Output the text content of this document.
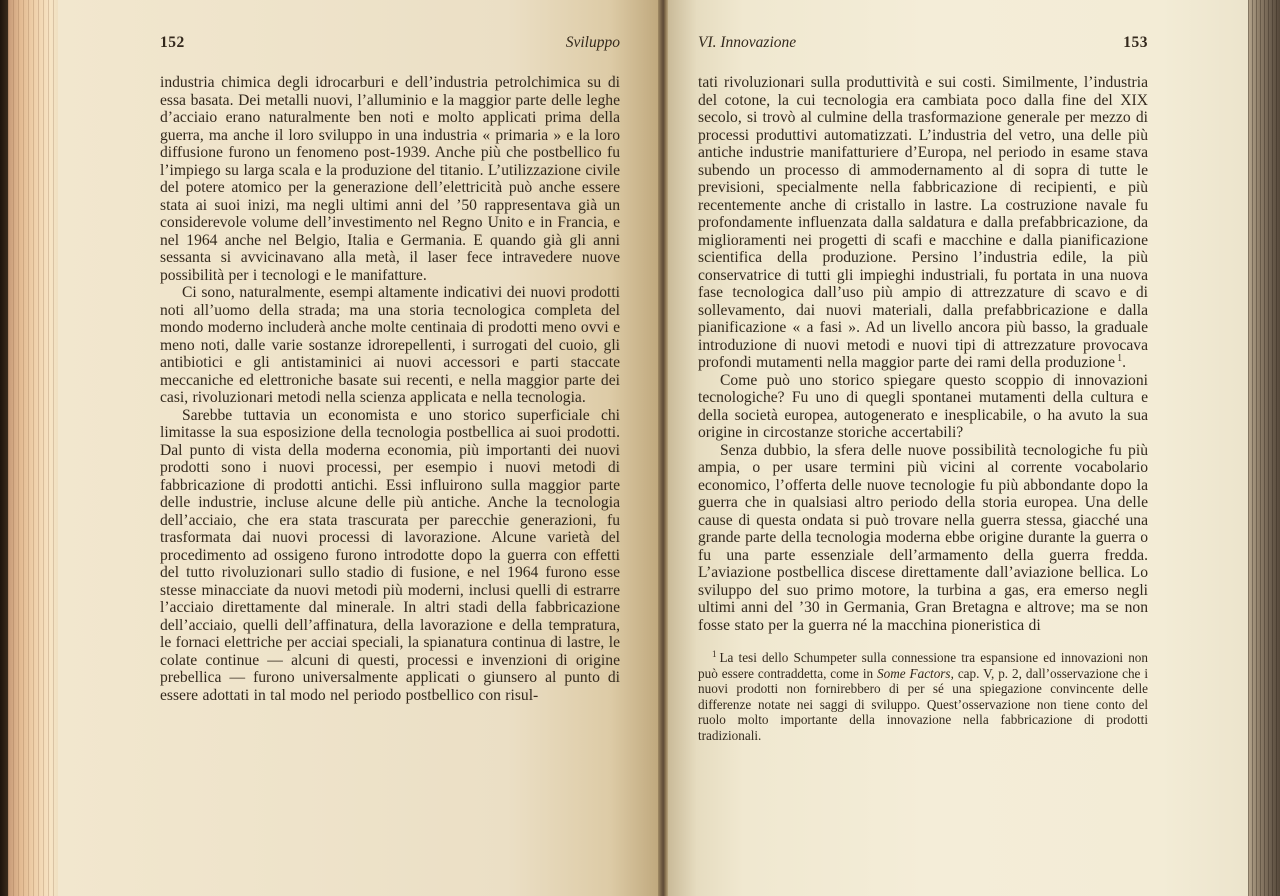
152	Sviluppo

industria chimica degli idrocarburi e dell’industria petrolchimica su di essa basata. Dei metalli nuovi, l’alluminio e la maggior parte delle leghe d’acciaio erano naturalmente ben noti e molto applicati prima della guerra, ma anche il loro sviluppo in una industria « primaria » e la loro diffusione furono un fenomeno post-1939. Anche più che postbellico fu l’impiego su larga scala e la produzione del titanio. L’utilizzazione civile del potere atomico per la generazione dell’elettricità può anche essere stata ai suoi inizi, ma negli ultimi anni del ’50 rappresentava già un considerevole volume dell’investimento nel Regno Unito e in Francia, e nel 1964 anche nel Belgio, Italia e Germania. E quando già gli anni sessanta si avvicinavano alla metà, il laser fece intravedere nuove possibilità per i tecnologi e le manifatture.

Ci sono, naturalmente, esempi altamente indicativi dei nuovi prodotti noti all’uomo della strada; ma una storia tecnologica completa del mondo moderno includerà anche molte centinaia di prodotti meno ovvi e meno noti, dalle varie sostanze idrorepellenti, i surrogati del cuoio, gli antibiotici e gli antistaminici ai nuovi accessori e parti staccate meccaniche ed elettroniche basate sui recenti, e nella maggior parte dei casi, rivoluzionari metodi nella scienza applicata e nella tecnologia.

Sarebbe tuttavia un economista e uno storico superficiale chi limitasse la sua esposizione della tecnologia postbellica ai suoi prodotti. Dal punto di vista della moderna economia, più importanti dei nuovi prodotti sono i nuovi processi, per esempio i nuovi metodi di fabbricazione di prodotti antichi. Essi influirono sulla maggior parte delle industrie, incluse alcune delle più antiche. Anche la tecnologia dell’acciaio, che era stata trascurata per parecchie generazioni, fu trasformata dai nuovi processi di lavorazione. Alcune varietà del procedimento ad ossigeno furono introdotte dopo la guerra con effetti del tutto rivoluzionari sullo stadio di fusione, e nel 1964 furono esse stesse minacciate da nuovi metodi più moderni, inclusi quelli di estrarre l’acciaio direttamente dal minerale. In altri stadi della fabbricazione dell’acciaio, quelli dell’affinatura, della lavorazione e della tempratura, le fornaci elettriche per acciai speciali, la spianatura continua di lastre, le colate continue — alcuni di questi, processi e invenzioni di origine prebellica — furono universalmente applicati o giunsero al punto di essere adottati in tal modo nel periodo postbellico con risul-

VI. Innovazione	153

tati rivoluzionari sulla produttività e sui costi. Similmente, l’industria del cotone, la cui tecnologia era cambiata poco dalla fine del XIX secolo, si trovò al culmine della trasformazione generale per mezzo di processi produttivi automatizzati. L’industria del vetro, una delle più antiche industrie manifatturiere d’Europa, nel periodo in esame stava subendo un processo di ammodernamento al di sopra di tutte le previsioni, specialmente nella fabbricazione di recipienti, e più recentemente anche di cristallo in lastre. La costruzione navale fu profondamente influenzata dalla saldatura e dalla prefabbricazione, da miglioramenti nei progetti di scafi e macchine e dalla pianificazione scientifica della produzione. Persino l’industria edile, la più conservatrice di tutti gli impieghi industriali, fu portata in una nuova fase tecnologica dall’uso più ampio di attrezzature di scavo e di sollevamento, dai nuovi materiali, dalla prefabbricazione e dalla pianificazione « a fasi ». Ad un livello ancora più basso, la graduale introduzione di nuovi metodi e nuovi tipi di attrezzature provocava profondi mutamenti nella maggior parte dei rami della produzione $^1$.

Come può uno storico spiegare questo scoppio di innovazioni tecnologiche? Fu uno di quegli spontanei mutamenti della cultura e della società europea, autogenerato e inesplicabile, o ha avuto la sua origine in circostanze storiche accertabili?

Senza dubbio, la sfera delle nuove possibilità tecnologiche fu più ampia, o per usare termini più vicini al corrente vocabolario economico, l’offerta delle nuove tecnologie fu più abbondante dopo la guerra che in qualsiasi altro periodo della storia europea. Una delle cause di questa ondata si può trovare nella guerra stessa, giacché una grande parte della tecnologia moderna ebbe origine durante la guerra o fu una parte essenziale dell’armamento della guerra fredda. L’aviazione postbellica discese direttamente dall’aviazione bellica. Lo sviluppo del suo primo motore, la turbina a gas, era emerso negli ultimi anni del ’30 in Germania, Gran Bretagna e altrove; ma se non fosse stato per la guerra né la macchina pioneristica di

$^1$ La tesi dello Schumpeter sulla connessione tra espansione ed innovazioni non può essere contraddetta, come in Some Factors, cap. V, p. 2, dall’osservazione che i nuovi prodotti non fornirebbero di per sé una spiegazione convincente delle differenze notate nei saggi di sviluppo. Quest’osservazione non tiene conto del ruolo molto importante della innovazione nella fabbricazione di prodotti tradizionali.
